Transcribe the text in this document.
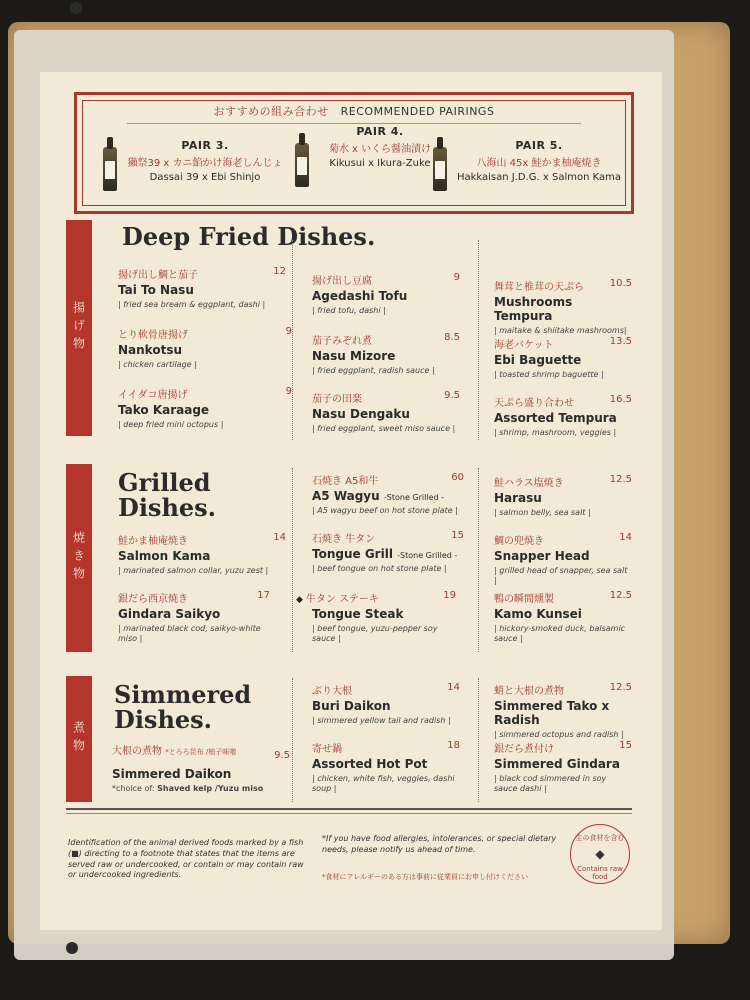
おすすめの組み合わせ RECOMMENDED PAIRINGS
PAIR 3.
獺祭39 x カニ餡かけ海老しんじょ
Dassai 39 x Ebi Shinjo
PAIR 4.
菊水 x いくら醤油漬け
Kikusui x Ikura-Zuke
PAIR 5.
八海山 45x 鮭かま柚庵焼き
Hakkaisan J.D.G. x Salmon Kama
揚げ物
Deep Fried Dishes.
揚げ出し鯛と茄子	12
Tai To Nasu
| fried sea bream & eggplant, dashi |
揚げ出し豆腐	9
Agedashi Tofu
| fried tofu, dashi |
舞茸と椎茸の天ぷら	10.5
Mushrooms Tempura
| maitake & shiitake mashrooms|
とり軟骨唐揚げ	9
Nankotsu
| chicken cartilage |
茄子みぞれ煮	8.5
Nasu Mizore
| fried eggplant, radish sauce |
海老バケット	13.5
Ebi Baguette
| toasted shrimp baguette |
イイダコ唐揚げ	9
Tako Karaage
| deep fried mini octopus |
茄子の田楽	9.5
Nasu Dengaku
| fried eggplant, sweet miso sauce |
天ぷら盛り合わせ	16.5
Assorted Tempura
| shrimp, mashroom, veggies |
焼き物
Grilled
Dishes.
石焼き A5和牛	60
A5 Wagyu -Stone Grilled -
| A5 wagyu beef on hot stone plate |
鮭ハラス塩焼き	12.5
Harasu
| salmon belly, sea salt |
鮭かま柚庵焼き	14
Salmon Kama
| marinated salmon collar, yuzu zest |
石焼き 牛タン	15
Tongue Grill -Stone Grilled -
| beef tongue on hot stone plate |
鯛の兜焼き	14
Snapper Head
| grilled head of snapper, sea salt |
銀だら西京焼き	17
Gindara Saikyo
| marinated black cod, saikyo-white miso |
◆ 牛タン ステーキ	19
Tongue Steak
| beef tongue, yuzu-pepper soy sauce |
鴨の瞬間燻製	12.5
Kamo Kunsei
| hickory-smoked duck, balsamic sauce |
煮物
Simmered
Dishes.
大根の煮物 *とろろ昆布 /柚子味噌	9.5
Simmered Daikon
*choice of: Shaved kelp /Yuzu miso
ぶり大根	14
Buri Daikon
| simmered yellow tail and radish |
蛸と大根の煮物	12.5
Simmered Tako x Radish
| simmered octopus and radish |
寄せ鍋	18
Assorted Hot Pot
| chicken, white fish, veggies, dashi soup |
銀だら煮付け	15
Simmered Gindara
| black cod simmered in soy sauce dashi |
Identification of the animal derived foods marked by a fish (■) directing to a footnote that states that the items are served raw or undercooked, or contain or may contain raw or undercooked ingredients.
*If you have food allergies, intolerances, or special dietary needs, please notify us ahead of time.
*食材にアレルギーのある方は事前に従業員にお申し付けください
生の食材を含む
◆
Contains raw food
